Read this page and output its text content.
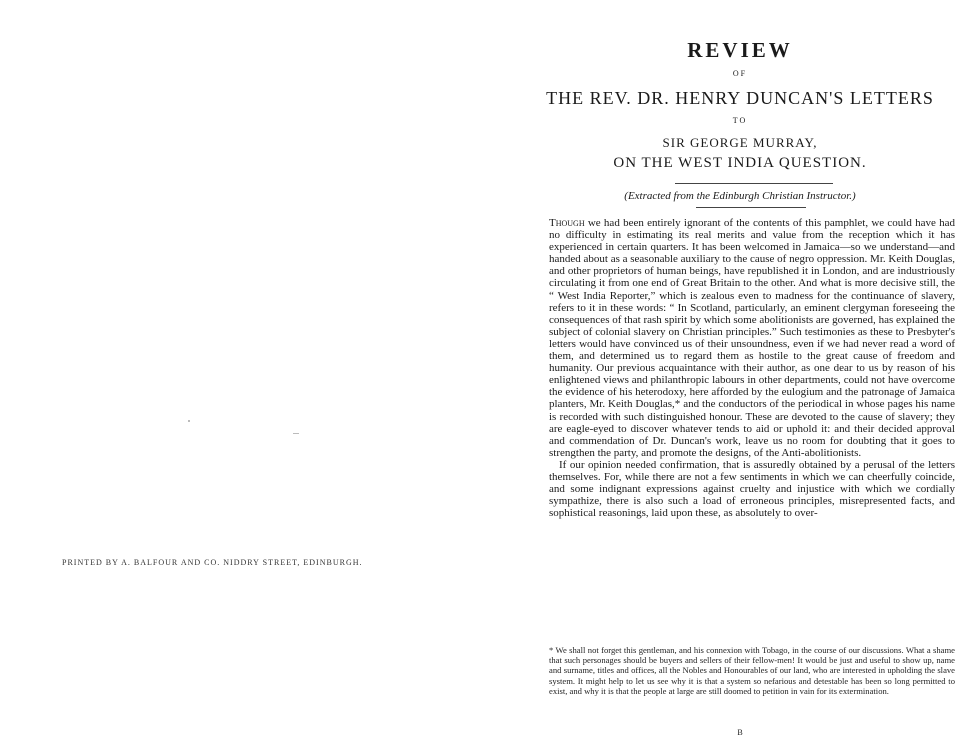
PRINTED BY A. BALFOUR AND CO. NIDDRY STREET, EDINBURGH.
REVIEW
OF
THE REV. DR. HENRY DUNCAN'S LETTERS
TO
SIR GEORGE MURRAY,
ON THE WEST INDIA QUESTION.
(Extracted from the Edinburgh Christian Instructor.)

Though we had been entirely ignorant of the contents of this pamphlet, we could have had no difficulty in estimating its real merits and value from the reception which it has experienced in certain quarters. It has been welcomed in Jamaica—so we understand—and handed about as a seasonable auxiliary to the cause of negro oppression. Mr. Keith Douglas, and other proprietors of human beings, have republished it in London, and are industriously circulating it from one end of Great Britain to the other. And what is more decisive still, the “ West India Reporter,” which is zealous even to madness for the continuance of slavery, refers to it in these words: “ In Scotland, particularly, an eminent clergyman foreseeing the consequences of that rash spirit by which some abolitionists are governed, has explained the subject of colonial slavery on Christian principles.” Such testimonies as these to Presbyter's letters would have convinced us of their unsoundness, even if we had never read a word of them, and determined us to regard them as hostile to the great cause of freedom and humanity. Our previous acquaintance with their author, as one dear to us by reason of his enlightened views and philanthropic labours in other departments, could not have overcome the evidence of his heterodoxy, here afforded by the eulogium and the patronage of Jamaica planters, Mr. Keith Douglas,* and the conductors of the periodical in whose pages his name is recorded with such distinguished honour. These are devoted to the cause of slavery; they are eagle-eyed to discover whatever tends to aid or uphold it: and their decided approval and commendation of Dr. Duncan's work, leave us no room for doubting that it goes to strengthen the party, and promote the designs, of the Anti-abolitionists.

If our opinion needed confirmation, that is assuredly obtained by a perusal of the letters themselves. For, while there are not a few sentiments in which we can cheerfully coincide, and some indignant expressions against cruelty and injustice with which we cordially sympathize, there is also such a load of erroneous principles, misrepresented facts, and sophistical reasonings, laid upon these, as absolutely to over-

* We shall not forget this gentleman, and his connexion with Tobago, in the course of our discussions. What a shame that such personages should be buyers and sellers of their fellow-men! It would be just and useful to show up, name and surname, titles and offices, all the Nobles and Honourables of our land, who are interested in upholding the slave system. It might help to let us see why it is that a system so nefarious and detestable has been so long permitted to exist, and why it is that the people at large are still doomed to petition in vain for its extermination.
B
